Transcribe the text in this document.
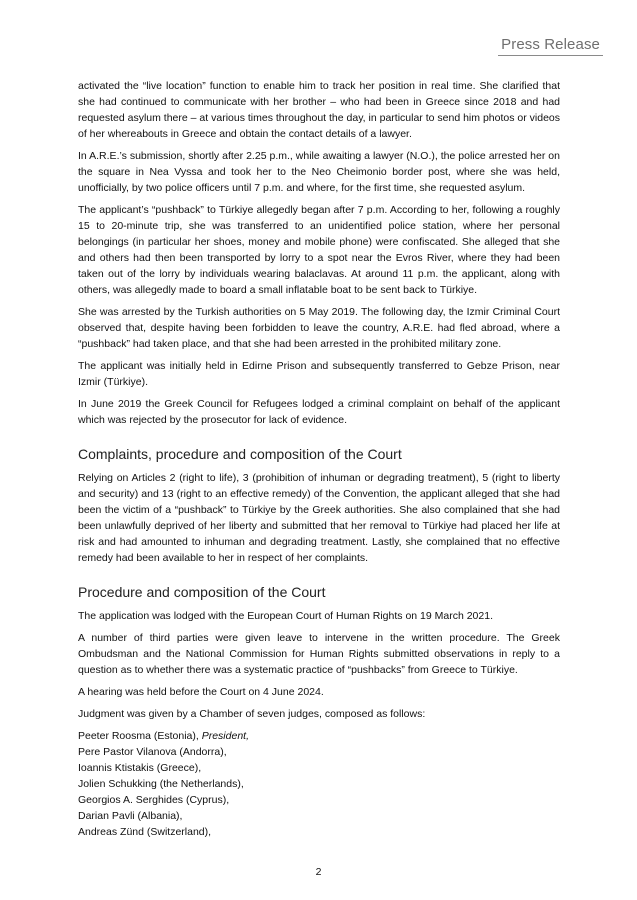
Press Release

activated the “live location” function to enable him to track her position in real time. She clarified that she had continued to communicate with her brother – who had been in Greece since 2018 and had requested asylum there – at various times throughout the day, in particular to send him photos or videos of her whereabouts in Greece and obtain the contact details of a lawyer.

In A.R.E.’s submission, shortly after 2.25 p.m., while awaiting a lawyer (N.O.), the police arrested her on the square in Nea Vyssa and took her to the Neo Cheimonio border post, where she was held, unofficially, by two police officers until 7 p.m. and where, for the first time, she requested asylum.

The applicant’s “pushback” to Türkiye allegedly began after 7 p.m. According to her, following a roughly 15 to 20-minute trip, she was transferred to an unidentified police station, where her personal belongings (in particular her shoes, money and mobile phone) were confiscated. She alleged that she and others had then been transported by lorry to a spot near the Evros River, where they had been taken out of the lorry by individuals wearing balaclavas. At around 11 p.m. the applicant, along with others, was allegedly made to board a small inflatable boat to be sent back to Türkiye.

She was arrested by the Turkish authorities on 5 May 2019. The following day, the Izmir Criminal Court observed that, despite having been forbidden to leave the country, A.R.E. had fled abroad, where a “pushback” had taken place, and that she had been arrested in the prohibited military zone.

The applicant was initially held in Edirne Prison and subsequently transferred to Gebze Prison, near Izmir (Türkiye).

In June 2019 the Greek Council for Refugees lodged a criminal complaint on behalf of the applicant which was rejected by the prosecutor for lack of evidence.

Complaints, procedure and composition of the Court

Relying on Articles 2 (right to life), 3 (prohibition of inhuman or degrading treatment), 5 (right to liberty and security) and 13 (right to an effective remedy) of the Convention, the applicant alleged that she had been the victim of a “pushback” to Türkiye by the Greek authorities. She also complained that she had been unlawfully deprived of her liberty and submitted that her removal to Türkiye had placed her life at risk and had amounted to inhuman and degrading treatment. Lastly, she complained that no effective remedy had been available to her in respect of her complaints.

Procedure and composition of the Court

The application was lodged with the European Court of Human Rights on 19 March 2021.

A number of third parties were given leave to intervene in the written procedure. The Greek Ombudsman and the National Commission for Human Rights submitted observations in reply to a question as to whether there was a systematic practice of “pushbacks” from Greece to Türkiye.

A hearing was held before the Court on 4 June 2024.

Judgment was given by a Chamber of seven judges, composed as follows:

Peeter Roosma (Estonia), President,
Pere Pastor Vilanova (Andorra),
Ioannis Ktistakis (Greece),
Jolien Schukking (the Netherlands),
Georgios A. Serghides (Cyprus),
Darian Pavli (Albania),
Andreas Zünd (Switzerland),
2
